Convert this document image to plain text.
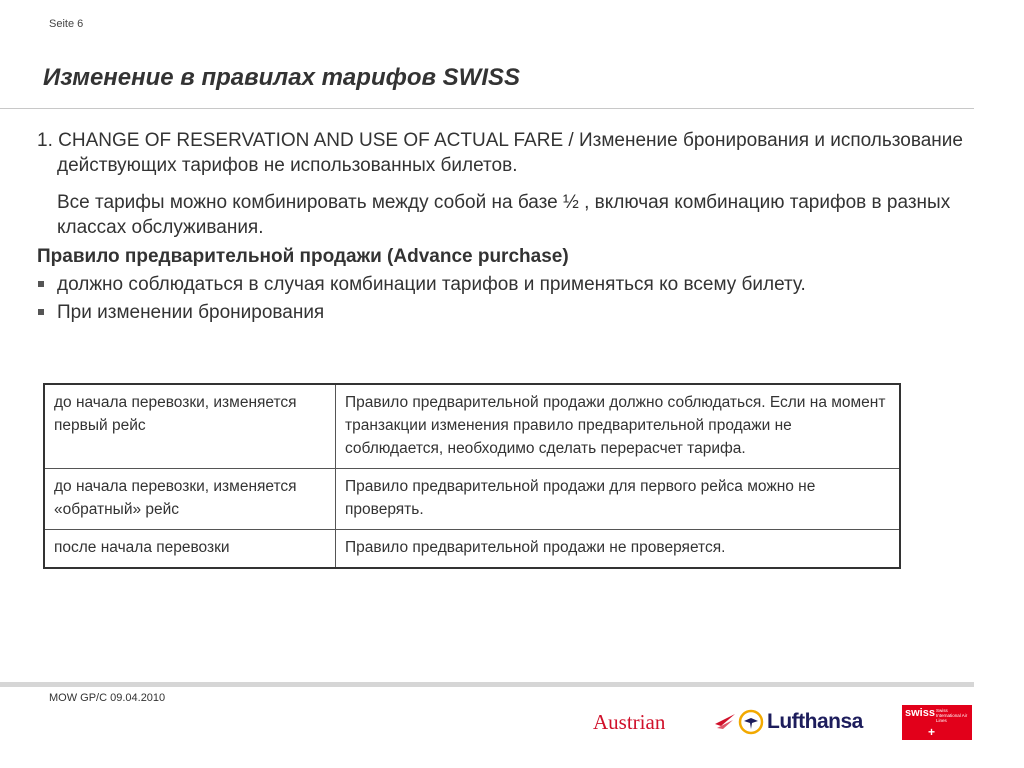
Seite 6
Изменение в правилах тарифов SWISS

1. CHANGE OF RESERVATION AND USE OF ACTUAL FARE / Изменение бронирования и использование действующих тарифов не использованных билетов.

Все тарифы можно комбинировать между собой на базе ½ , включая комбинацию тарифов в разных классах обслуживания.

Правило предварительной продажи (Advance purchase)

должно соблюдаться в случая комбинации тарифов и применяться ко всему билету.
При изменении бронирования
до начала перевозки, изменяется первый рейс	Правило предварительной продажи должно соблюдаться. Если на момент транзакции изменения правило предварительной продажи не соблюдается, необходимо сделать перерасчет тарифа.
до начала перевозки, изменяется «обратный» рейс	Правило предварительной продажи для первого рейса можно не проверять.
после начала перевозки	Правило предварительной продажи не проверяется.
MOW GP/C 09.04.2010
Austrian	Lufthansa	swiss Swiss International Air Lines
+
